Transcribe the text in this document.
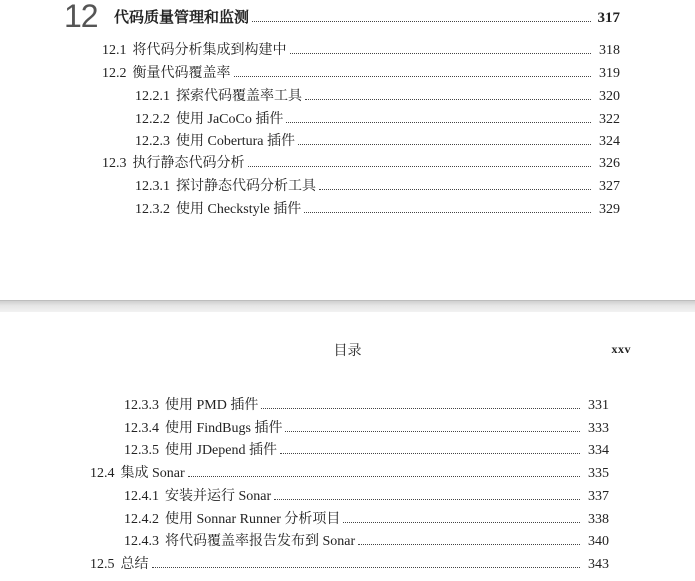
12 代码质量管理和监测	317
12.1 将代码分析集成到构建中	318
12.2 衡量代码覆盖率	319
12.2.1 探索代码覆盖率工具	320
12.2.2 使用 JaCoCo 插件	322
12.2.3 使用 Cobertura 插件	324
12.3 执行静态代码分析	326
12.3.1 探讨静态代码分析工具	327
12.3.2 使用 Checkstyle 插件	329
目录	xxv
12.3.3 使用 PMD 插件	331
12.3.4 使用 FindBugs 插件	333
12.3.5 使用 JDepend 插件	334
12.4 集成 Sonar	335
12.4.1 安装并运行 Sonar	337
12.4.2 使用 Sonnar Runner 分析项目	338
12.4.3 将代码覆盖率报告发布到 Sonar	340
12.5 总结	343
